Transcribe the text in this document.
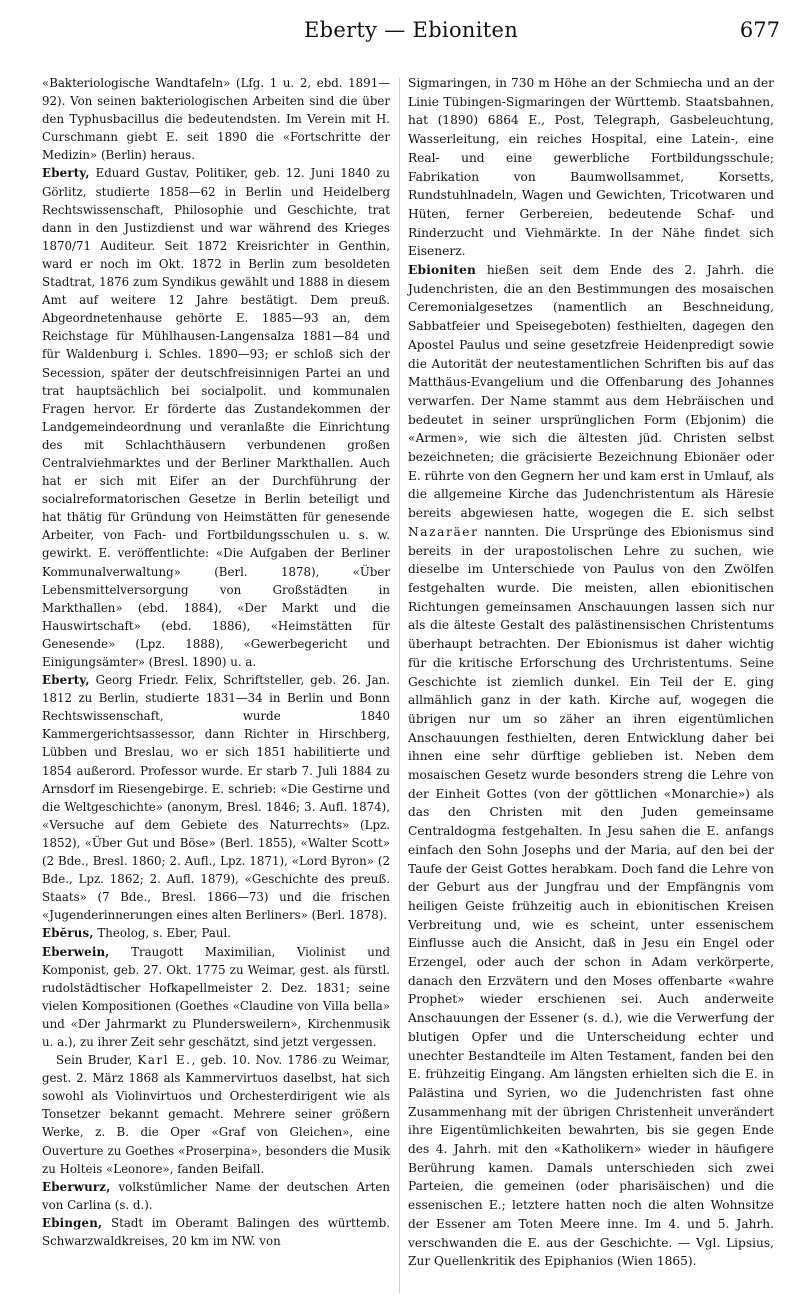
Eberty — Ebioniten	677

«Bakteriologische Wandtafeln» (Lfg. 1 u. 2, ebd. 1891—92). Von seinen bakteriologischen Arbeiten sind die über den Typhusbacillus die bedeutendsten. Im Verein mit H. Curschmann giebt E. seit 1890 die «Fortschritte der Medizin» (Berlin) heraus.

Eberty, Eduard Gustav, Politiker, geb. 12. Juni 1840 zu Görlitz, studierte 1858—62 in Berlin und Heidelberg Rechtswissenschaft, Philosophie und Geschichte, trat dann in den Justizdienst und war während des Krieges 1870/71 Auditeur. Seit 1872 Kreisrichter in Genthin, ward er noch im Okt. 1872 in Berlin zum besoldeten Stadtrat, 1876 zum Syndikus gewählt und 1888 in diesem Amt auf weitere 12 Jahre bestätigt. Dem preuß. Abgeordnetenhause gehörte E. 1885—93 an, dem Reichstage für Mühlhausen-Langensalza 1881—84 und für Waldenburg i. Schles. 1890—93; er schloß sich der Secession, später der deutschfreisinnigen Partei an und trat hauptsächlich bei socialpolit. und kommunalen Fragen hervor. Er förderte das Zustandekommen der Landgemeindeordnung und veranlaßte die Einrichtung des mit Schlachthäusern verbundenen großen Centralviehmarktes und der Berliner Markthallen. Auch hat er sich mit Eifer an der Durchführung der socialreformatorischen Gesetze in Berlin beteiligt und hat thätig für Gründung von Heimstätten für genesende Arbeiter, von Fach- und Fortbildungsschulen u. s. w. gewirkt. E. veröffentlichte: «Die Aufgaben der Berliner Kommunalverwaltung» (Berl. 1878), «Über Lebensmittelversorgung von Großstädten in Markthallen» (ebd. 1884), «Der Markt und die Hauswirtschaft» (ebd. 1886), «Heimstätten für Genesende» (Lpz. 1888), «Gewerbegericht und Einigungsämter» (Bresl. 1890) u. a.

Eberty, Georg Friedr. Felix, Schriftsteller, geb. 26. Jan. 1812 zu Berlin, studierte 1831—34 in Berlin und Bonn Rechtswissenschaft, wurde 1840 Kammergerichtsassessor, dann Richter in Hirschberg, Lübben und Breslau, wo er sich 1851 habilitierte und 1854 außerord. Professor wurde. Er starb 7. Juli 1884 zu Arnsdorf im Riesengebirge. E. schrieb: «Die Gestirne und die Weltgeschichte» (anonym, Bresl. 1846; 3. Aufl. 1874), «Versuche auf dem Gebiete des Naturrechts» (Lpz. 1852), «Über Gut und Böse» (Berl. 1855), «Walter Scott» (2 Bde., Bresl. 1860; 2. Aufl., Lpz. 1871), «Lord Byron» (2 Bde., Lpz. 1862; 2. Aufl. 1879), «Geschichte des preuß. Staats» (7 Bde., Bresl. 1866—73) und die frischen «Jugenderinnerungen eines alten Berliners» (Berl. 1878).

Ebĕrus, Theolog, s. Eber, Paul.

Eberwein, Traugott Maximilian, Violinist und Komponist, geb. 27. Okt. 1775 zu Weimar, gest. als fürstl. rudolstädtischer Hofkapellmeister 2. Dez. 1831; seine vielen Kompositionen (Goethes «Claudine von Villa bella» und «Der Jahrmarkt zu Plundersweilern», Kirchenmusik u. a.), zu ihrer Zeit sehr geschätzt, sind jetzt vergessen.

Sein Bruder, Karl E., geb. 10. Nov. 1786 zu Weimar, gest. 2. März 1868 als Kammervirtuos daselbst, hat sich sowohl als Violinvirtuos und Orchesterdirigent wie als Tonsetzer bekannt gemacht. Mehrere seiner größern Werke, z. B. die Oper «Graf von Gleichen», eine Ouverture zu Goethes «Proserpina», besonders die Musik zu Holteis «Leonore», fanden Beifall.

Eberwurz, volkstümlicher Name der deutschen Arten von Carlina (s. d.).

Ebingen, Stadt im Oberamt Balingen des württemb. Schwarzwaldkreises, 20 km im NW. von

Sigmaringen, in 730 m Höhe an der Schmiecha und an der Linie Tübingen-Sigmaringen der Württemb. Staatsbahnen, hat (1890) 6864 E., Post, Telegraph, Gasbeleuchtung, Wasserleitung, ein reiches Hospital, eine Latein-, eine Real- und eine gewerbliche Fortbildungsschule; Fabrikation von Baumwollsammet, Korsetts, Rundstuhlnadeln, Wagen und Gewichten, Tricotwaren und Hüten, ferner Gerbereien, bedeutende Schaf- und Rinderzucht und Viehmärkte. In der Nähe findet sich Eisenerz.

Ebioniten hießen seit dem Ende des 2. Jahrh. die Judenchristen, die an den Bestimmungen des mosaischen Ceremonialgesetzes (namentlich an Beschneidung, Sabbatfeier und Speisegeboten) festhielten, dagegen den Apostel Paulus und seine gesetzfreie Heidenpredigt sowie die Autorität der neutestamentlichen Schriften bis auf das Matthäus-Evangelium und die Offenbarung des Johannes verwarfen. Der Name stammt aus dem Hebräischen und bedeutet in seiner ursprünglichen Form (Ebjonim) die «Armen», wie sich die ältesten jüd. Christen selbst bezeichneten; die gräcisierte Bezeichnung Ebionäer oder E. rührte von den Gegnern her und kam erst in Umlauf, als die allgemeine Kirche das Judenchristentum als Häresie bereits abgewiesen hatte, wogegen die E. sich selbst Nazaräer nannten. Die Ursprünge des Ebionismus sind bereits in der urapostolischen Lehre zu suchen, wie dieselbe im Unterschiede von Paulus von den Zwölfen festgehalten wurde. Die meisten, allen ebionitischen Richtungen gemeinsamen Anschauungen lassen sich nur als die älteste Gestalt des palästinensischen Christentums überhaupt betrachten. Der Ebionismus ist daher wichtig für die kritische Erforschung des Urchristentums. Seine Geschichte ist ziemlich dunkel. Ein Teil der E. ging allmählich ganz in der kath. Kirche auf, wogegen die übrigen nur um so zäher an ihren eigentümlichen Anschauungen festhielten, deren Entwicklung daher bei ihnen eine sehr dürftige geblieben ist. Neben dem mosaischen Gesetz wurde besonders streng die Lehre von der Einheit Gottes (von der göttlichen «Monarchie») als das den Christen mit den Juden gemeinsame Centraldogma festgehalten. In Jesu sahen die E. anfangs einfach den Sohn Josephs und der Maria, auf den bei der Taufe der Geist Gottes herabkam. Doch fand die Lehre von der Geburt aus der Jungfrau und der Empfängnis vom heiligen Geiste frühzeitig auch in ebionitischen Kreisen Verbreitung und, wie es scheint, unter essenischem Einflusse auch die Ansicht, daß in Jesu ein Engel oder Erzengel, oder auch der schon in Adam verkörperte, danach den Erzvätern und den Moses offenbarte «wahre Prophet» wieder erschienen sei. Auch anderweite Anschauungen der Essener (s. d.), wie die Verwerfung der blutigen Opfer und die Unterscheidung echter und unechter Bestandteile im Alten Testament, fanden bei den E. frühzeitig Eingang. Am längsten erhielten sich die E. in Palästina und Syrien, wo die Judenchristen fast ohne Zusammenhang mit der übrigen Christenheit unverändert ihre Eigentümlichkeiten bewahrten, bis sie gegen Ende des 4. Jahrh. mit den «Katholikern» wieder in häufigere Berührung kamen. Damals unterschieden sich zwei Parteien, die gemeinen (oder pharisäischen) und die essenischen E.; letztere hatten noch die alten Wohnsitze der Essener am Toten Meere inne. Im 4. und 5. Jahrh. verschwanden die E. aus der Geschichte. — Vgl. Lipsius, Zur Quellenkritik des Epiphanios (Wien 1865).
